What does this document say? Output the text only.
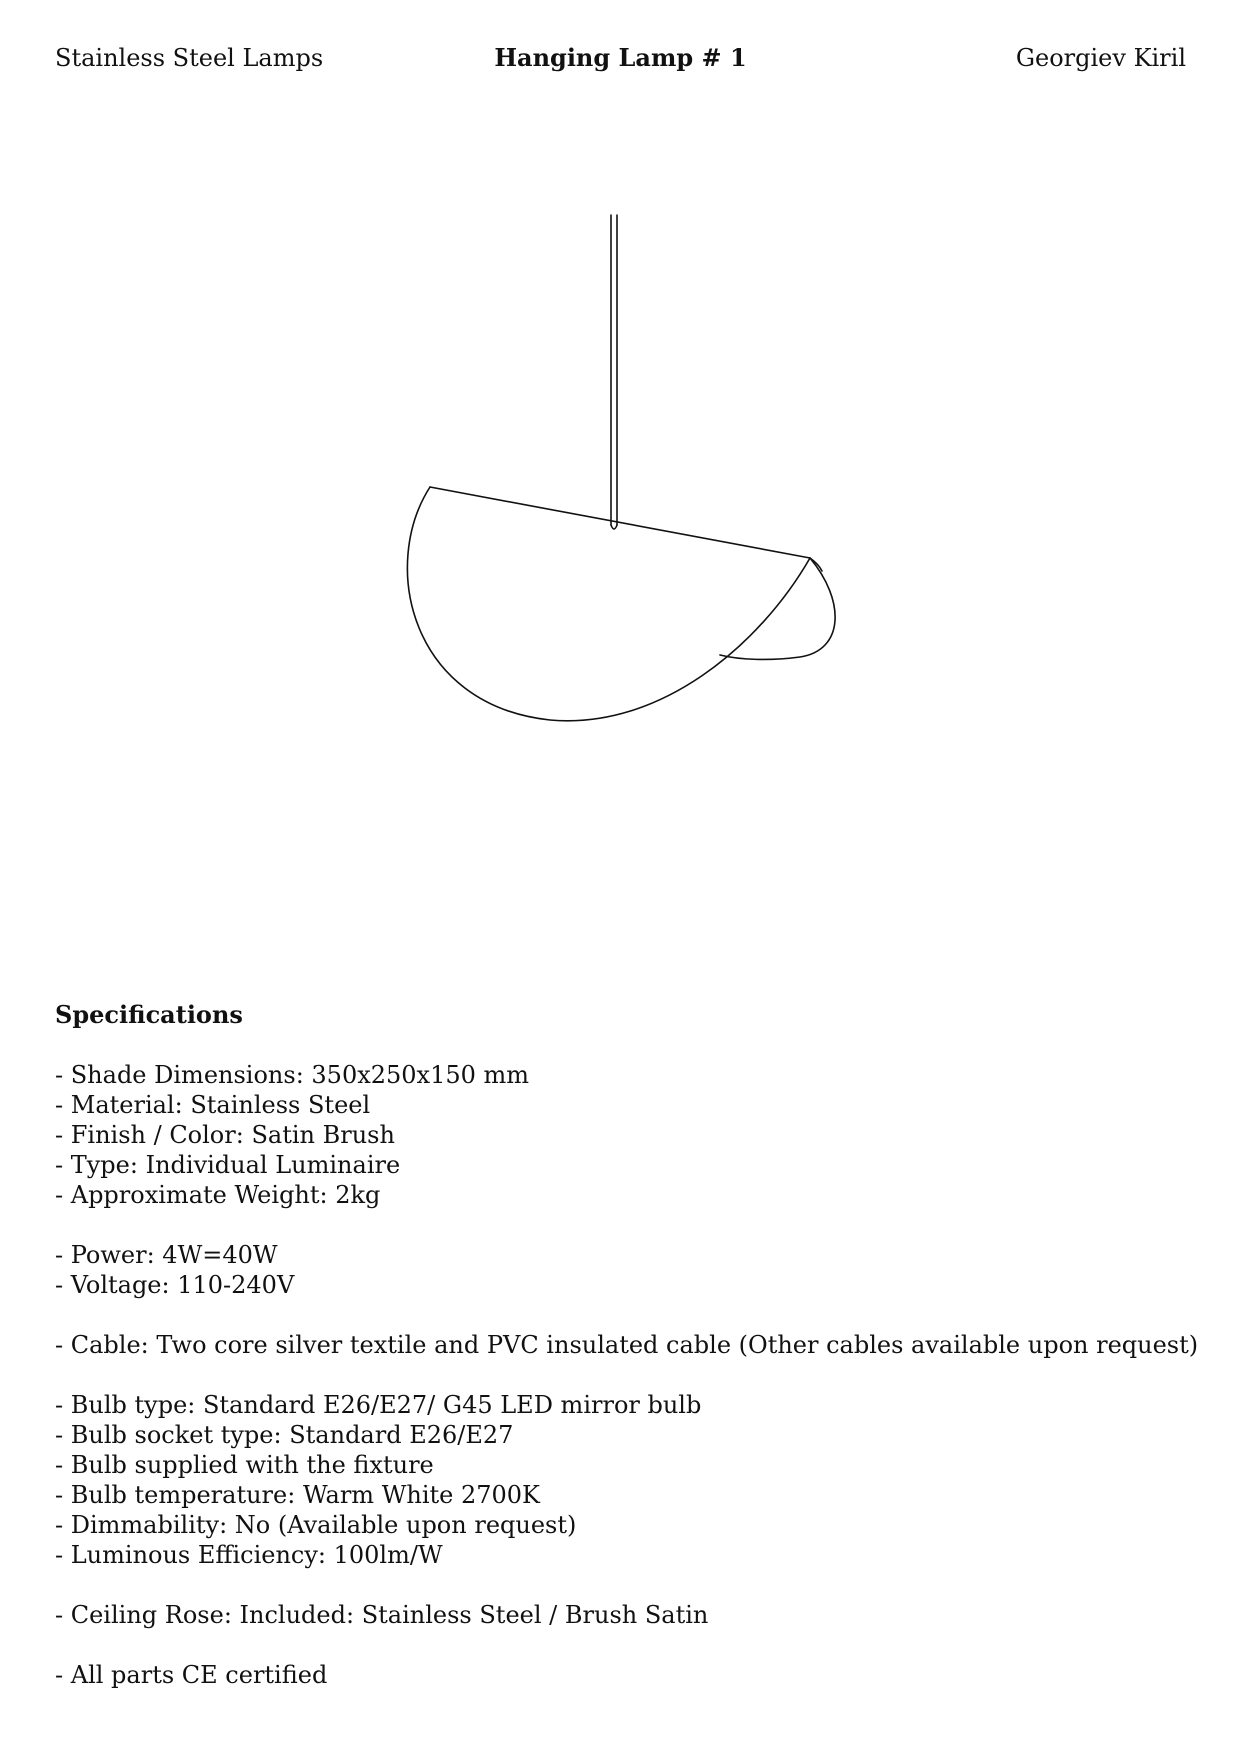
Stainless Steel Lamps	Hanging Lamp # 1	Georgiev Kiril
Specifications
- Shade Dimensions: 350x250x150 mm
- Material: Stainless Steel
- Finish / Color: Satin Brush
- Type: Individual Luminaire
- Approximate Weight: 2kg
- Power: 4W=40W
- Voltage: 110-240V
- Cable: Two core silver textile and PVC insulated cable (Other cables available upon request)
- Bulb type: Standard E26/E27/ G45 LED mirror bulb
- Bulb socket type: Standard E26/E27
- Bulb supplied with the fixture
- Bulb temperature: Warm White 2700K
- Dimmability: No (Available upon request)
- Luminous Efficiency: 100lm/W
- Ceiling Rose: Included: Stainless Steel / Brush Satin
- All parts CE certified
